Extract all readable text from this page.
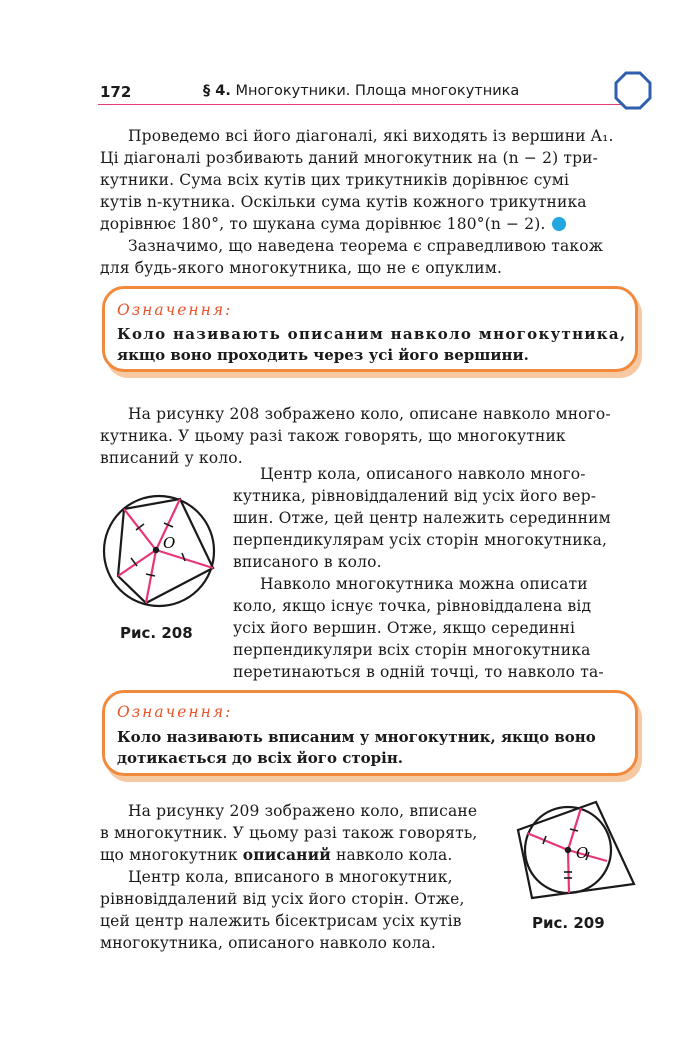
172	§ 4. Многокутники. Площа многокутника
Проведемо всі його діагоналі, які виходять із вершини A₁.
Ці діагоналі розбивають даний многокутник на (n − 2) три-
кутники. Сума всіх кутів цих трикутників дорівнює сумі
кутів n-кутника. Оскільки сума кутів кожного трикутника
дорівнює 180°, то шукана сума дорівнює 180°(n − 2).
Зазначимо, що наведена теорема є справедливою також
для будь-якого многокутника, що не є опуклим.
Означення:
Коло називають описаним навколо многокутника,
якщо воно проходить через усі його вершини.
На рисунку 208 зображено коло, описане навколо много-
кутника. У цьому разі також говорять, що многокутник
вписаний у коло.
Центр кола, описаного навколо много-
кутника, рівновіддалений від усіх його вер-
шин. Отже, цей центр належить серединним
перпендикулярам усіх сторін многокутника,
вписаного в коло.
Навколо многокутника можна описати
коло, якщо існує точка, рівновіддалена від
усіх його вершин. Отже, якщо серединні
перпендикуляри всіх сторін многокутника
перетинаються в одній точці, то навколо та-
O
Рис. 208
Означення:
Коло називають вписаним у многокутник, якщо воно
дотикається до всіх його сторін.
На рисунку 209 зображено коло, вписане
в многокутник. У цьому разі також говорять,
що многокутник описаний навколо кола.
Центр кола, вписаного в многокутник,
рівновіддалений від усіх його сторін. Отже,
цей центр належить бісектрисам усіх кутів
многокутника, описаного навколо кола.
O
Рис. 209
